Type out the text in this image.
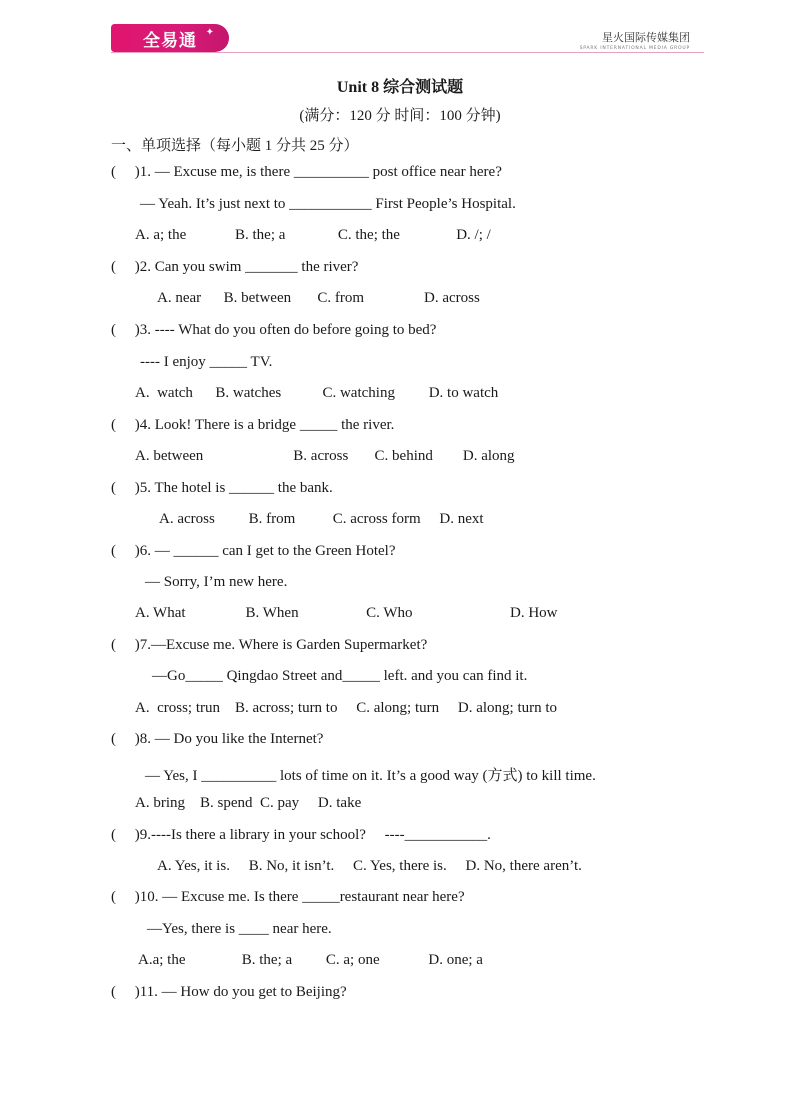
全易通 ✦	星火国际传媒集团
SPARK INTERNATIONAL MEDIA GROUP
Unit 8 综合测试题
(满分：120 分 时间：100 分钟)
一、单项选择（每小题 1 分共 25 分）
(     )1. — Excuse me, is there __________ post office near here?
— Yeah. It’s just next to ___________ First People’s Hospital.
A. a; the             B. the; a              C. the; the               D. /; /
(     )2. Can you swim _______ the river?
A. near      B. between       C. from                D. across
(     )3. ---- What do you often do before going to bed?
---- I enjoy _____ TV.
A.  watch      B. watches           C. watching         D. to watch
(     )4. Look! There is a bridge _____ the river.
A. between                        B. across       C. behind        D. along
(     )5. The hotel is ______ the bank.
A. across         B. from          C. across form     D. next
(     )6. — ______ can I get to the Green Hotel?
— Sorry, I’m new here.
A. What                B. When                  C. Who                          D. How
(     )7.—Excuse me. Where is Garden Supermarket?
—Go_____ Qingdao Street and_____ left. and you can find it.
A.  cross; trun    B. across; turn to     C. along; turn     D. along; turn to
(     )8. — Do you like the Internet?
— Yes, I __________ lots of time on it. It’s a good way (方式) to kill time.
A. bring    B. spend  C. pay     D. take
(     )9.----Is there a library in your school?     ----___________.
A. Yes, it is.     B. No, it isn’t.     C. Yes, there is.     D. No, there aren’t.
(     )10. — Excuse me. Is there _____restaurant near here?
—Yes, there is ____ near here.
A.a; the               B. the; a         C. a; one             D. one; a
(     )11. — How do you get to Beijing?
